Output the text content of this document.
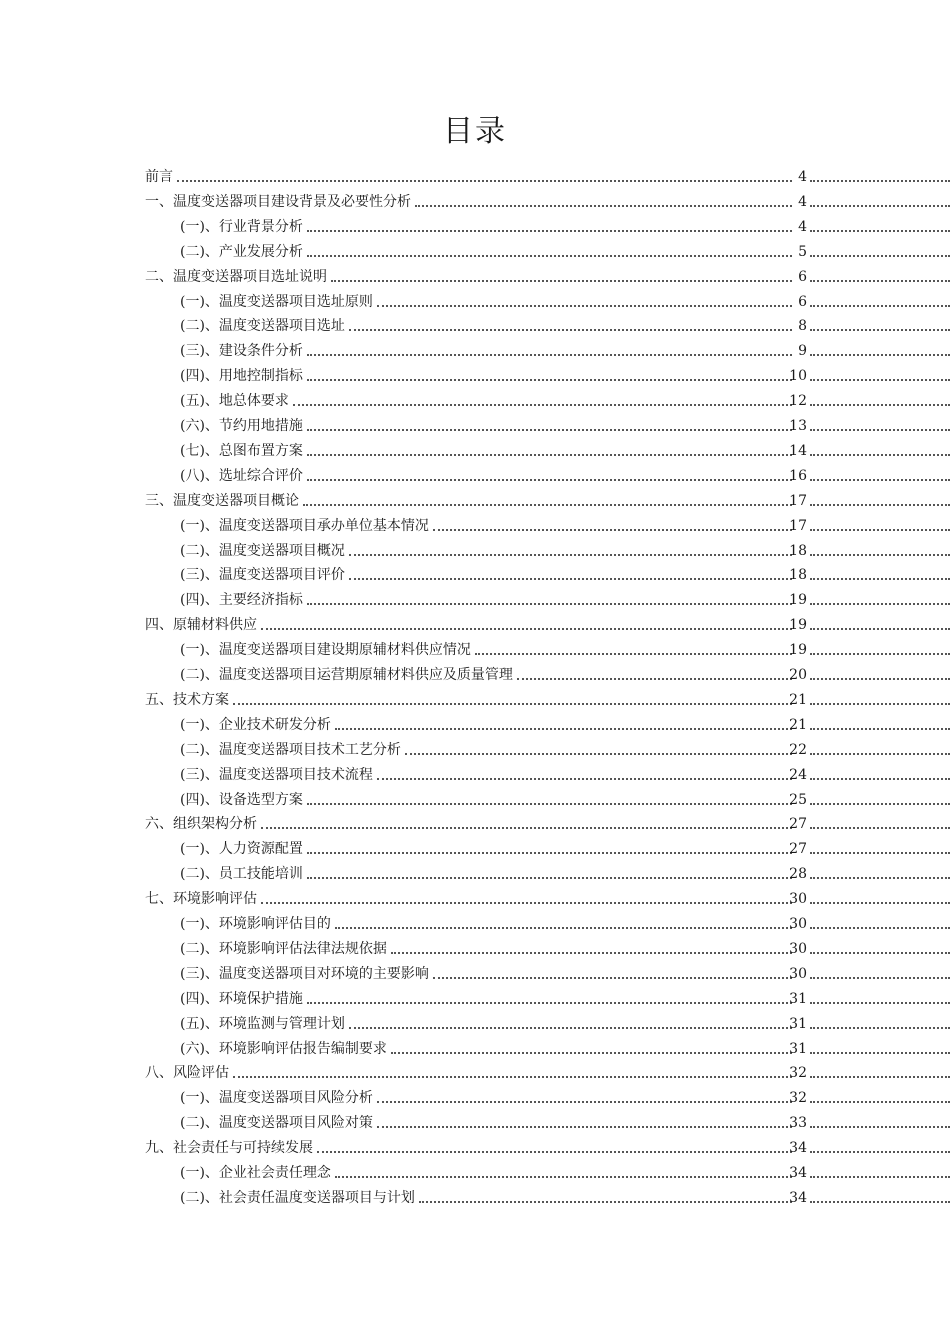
目录
前言	4
一、温度变送器项目建设背景及必要性分析	4
(一)、行业背景分析	4
(二)、产业发展分析	5
二、温度变送器项目选址说明	6
(一)、温度变送器项目选址原则	6
(二)、温度变送器项目选址	8
(三)、建设条件分析	9
(四)、用地控制指标	10
(五)、地总体要求	12
(六)、节约用地措施	13
(七)、总图布置方案	14
(八)、选址综合评价	16
三、温度变送器项目概论	17
(一)、温度变送器项目承办单位基本情况	17
(二)、温度变送器项目概况	18
(三)、温度变送器项目评价	18
(四)、主要经济指标	19
四、原辅材料供应	19
(一)、温度变送器项目建设期原辅材料供应情况	19
(二)、温度变送器项目运营期原辅材料供应及质量管理	20
五、技术方案	21
(一)、企业技术研发分析	21
(二)、温度变送器项目技术工艺分析	22
(三)、温度变送器项目技术流程	24
(四)、设备选型方案	25
六、组织架构分析	27
(一)、人力资源配置	27
(二)、员工技能培训	28
七、环境影响评估	30
(一)、环境影响评估目的	30
(二)、环境影响评估法律法规依据	30
(三)、温度变送器项目对环境的主要影响	30
(四)、环境保护措施	31
(五)、环境监测与管理计划	31
(六)、环境影响评估报告编制要求	31
八、风险评估	32
(一)、温度变送器项目风险分析	32
(二)、温度变送器项目风险对策	33
九、社会责任与可持续发展	34
(一)、企业社会责任理念	34
(二)、社会责任温度变送器项目与计划	34
